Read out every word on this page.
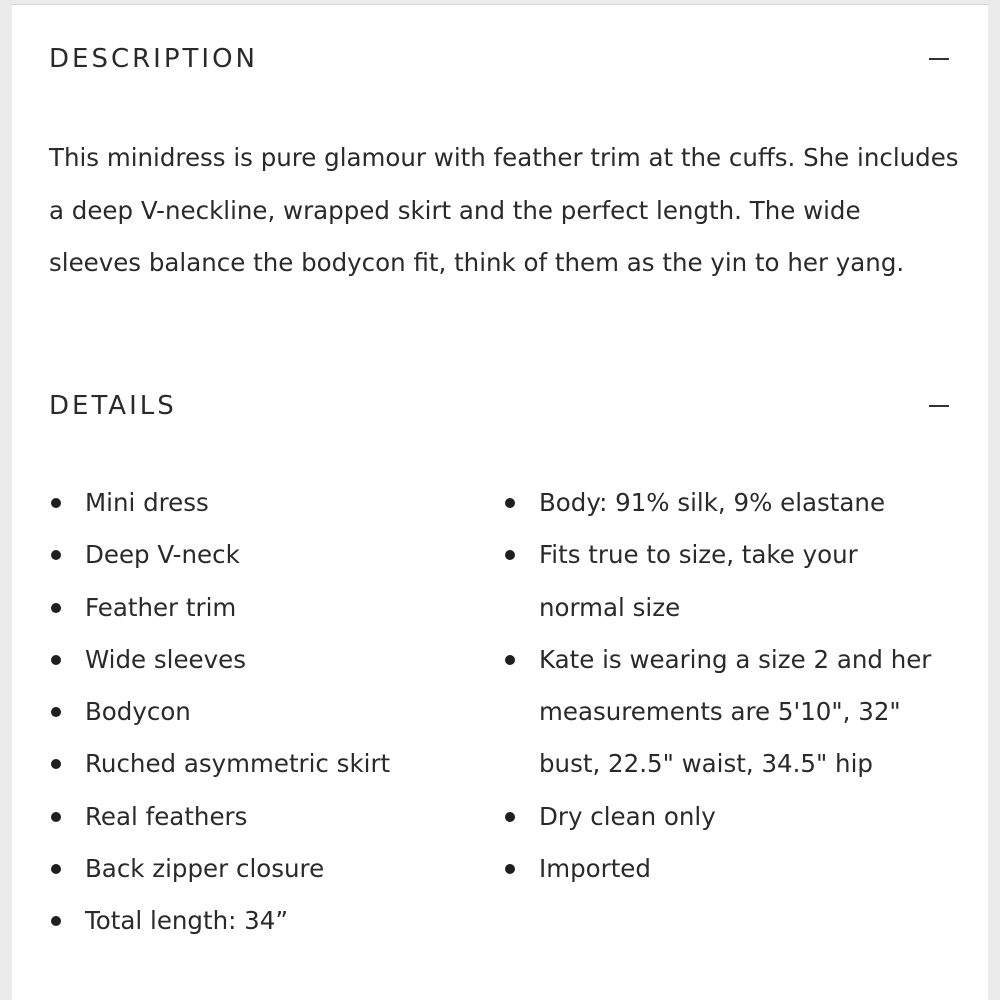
DESCRIPTION

This minidress is pure glamour with feather trim at the cuffs. She includes a deep V-neckline, wrapped skirt and the perfect length. The wide sleeves balance the bodycon fit, think of them as the yin to her yang.

DETAILS
Mini dress
Deep V-neck
Feather trim
Wide sleeves
Bodycon
Ruched asymmetric skirt
Real feathers
Back zipper closure
Total length: 34”
Body: 91% silk, 9% elastane
Fits true to size, take your normal size
Kate is wearing a size 2 and her measurements are 5'10", 32" bust, 22.5" waist, 34.5" hip
Dry clean only
Imported
